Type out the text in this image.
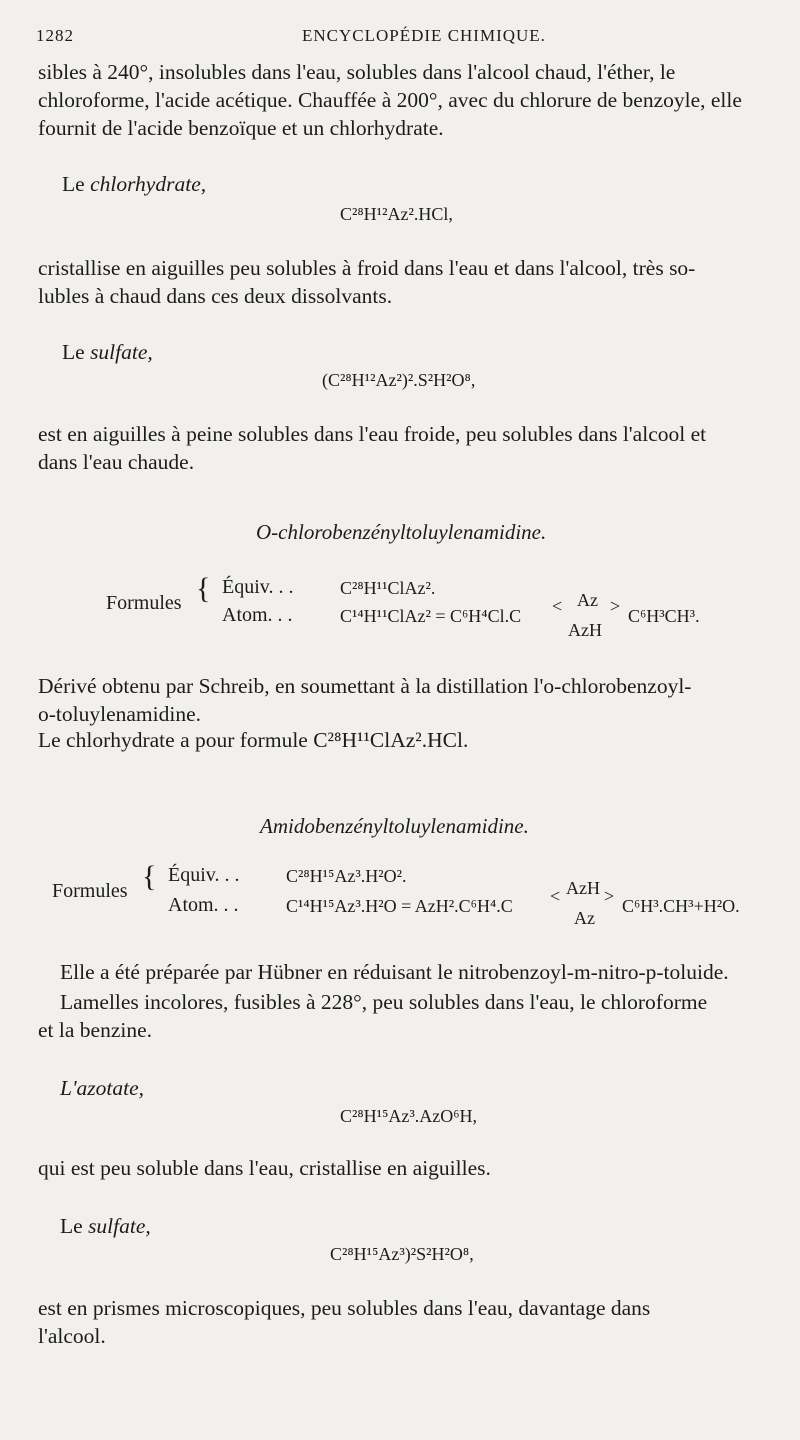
1282	ENCYCLOPÉDIE CHIMIQUE.
sibles à 240°, insolubles dans l'eau, solubles dans l'alcool chaud, l'éther, le
chloroforme, l'acide acétique. Chauffée à 200°, avec du chlorure de benzoyle, elle
fournit de l'acide benzoïque et un chlorhydrate.
Le chlorhydrate,
C²⁸H¹²Az².HCl,
cristallise en aiguilles peu solubles à froid dans l'eau et dans l'alcool, très so-
lubles à chaud dans ces deux dissolvants.
Le sulfate,
(C²⁸H¹²Az²)².S²H²O⁸,
est en aiguilles à peine solubles dans l'eau froide, peu solubles dans l'alcool et
dans l'eau chaude.
O-chlorobenzényltoluylenamidine.
Formules { Équiv. . .	C²⁸H¹¹ClAz².
Atom. . .	C¹⁴H¹¹ClAz² = C⁶H⁴Cl.C < Az
AzH
> C⁶H³CH³.
Dérivé obtenu par Schreib, en soumettant à la distillation l'o-chlorobenzoyl-
o-toluylenamidine.
Le chlorhydrate a pour formule C²⁸H¹¹ClAz².HCl.
Amidobenzényltoluylenamidine.
Formules { Équiv. . .	C²⁸H¹⁵Az³.H²O².
Atom. . .	C¹⁴H¹⁵Az³.H²O = AzH².C⁶H⁴.C < AzH
Az
> C⁶H³.CH³+H²O.
Elle a été préparée par Hübner en réduisant le nitrobenzoyl-m-nitro-p-toluide.
Lamelles incolores, fusibles à 228°, peu solubles dans l'eau, le chloroforme
et la benzine.
L'azotate,
C²⁸H¹⁵Az³.AzO⁶H,
qui est peu soluble dans l'eau, cristallise en aiguilles.
Le sulfate,
C²⁸H¹⁵Az³)²S²H²O⁸,
est en prismes microscopiques, peu solubles dans l'eau, davantage dans
l'alcool.
